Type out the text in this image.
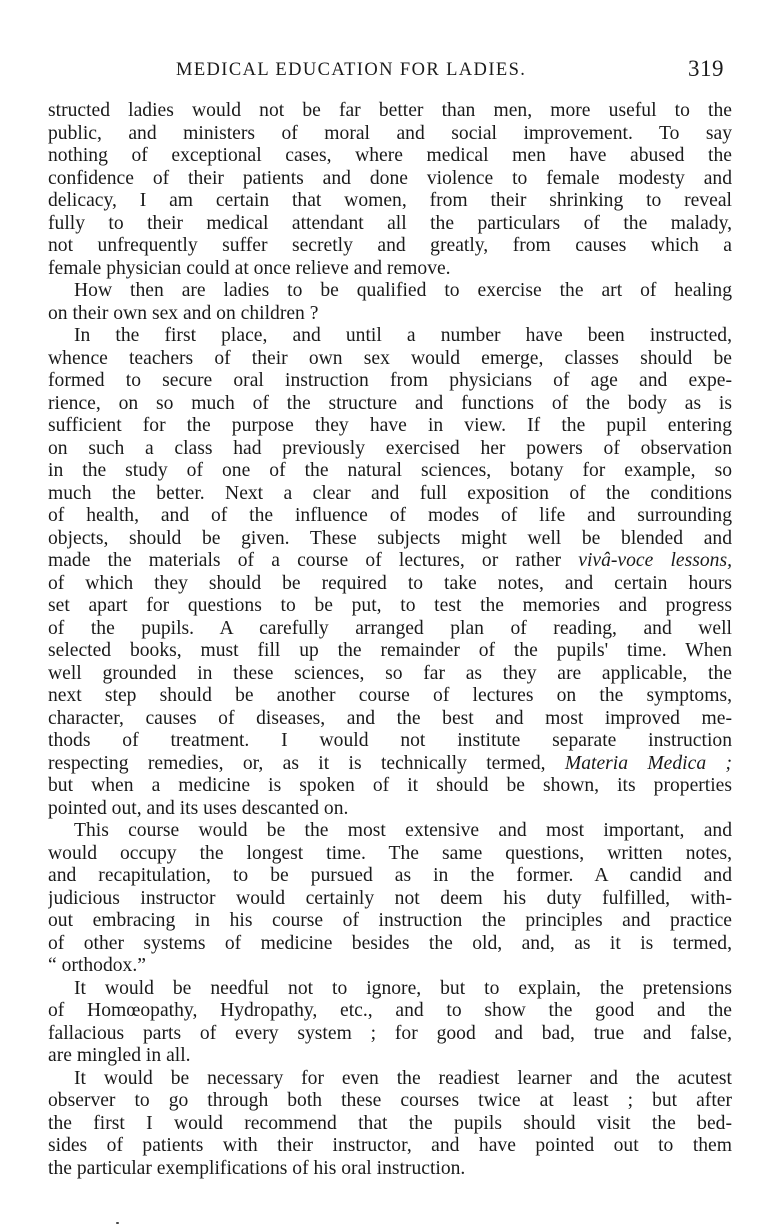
MEDICAL EDUCATION FOR LADIES.	319
structed ladies would not be far better than men, more useful to the
public, and ministers of moral and social improvement. To say
nothing of exceptional cases, where medical men have abused the
confidence of their patients and done violence to female modesty and
delicacy, I am certain that women, from their shrinking to reveal
fully to their medical attendant all the particulars of the malady,
not unfrequently suffer secretly and greatly, from causes which a
female physician could at once relieve and remove.
How then are ladies to be qualified to exercise the art of healing
on their own sex and on children ?
In the first place, and until a number have been instructed,
whence teachers of their own sex would emerge, classes should be
formed to secure oral instruction from physicians of age and expe-
rience, on so much of the structure and functions of the body as is
sufficient for the purpose they have in view. If the pupil entering
on such a class had previously exercised her powers of observation
in the study of one of the natural sciences, botany for example, so
much the better. Next a clear and full exposition of the conditions
of health, and of the influence of modes of life and surrounding
objects, should be given. These subjects might well be blended and
made the materials of a course of lectures, or rather vivâ-voce lessons,
of which they should be required to take notes, and certain hours
set apart for questions to be put, to test the memories and progress
of the pupils. A carefully arranged plan of reading, and well
selected books, must fill up the remainder of the pupils' time. When
well grounded in these sciences, so far as they are applicable, the
next step should be another course of lectures on the symptoms,
character, causes of diseases, and the best and most improved me-
thods of treatment. I would not institute separate instruction
respecting remedies, or, as it is technically termed, Materia Medica ;
but when a medicine is spoken of it should be shown, its properties
pointed out, and its uses descanted on.
This course would be the most extensive and most important, and
would occupy the longest time. The same questions, written notes,
and recapitulation, to be pursued as in the former. A candid and
judicious instructor would certainly not deem his duty fulfilled, with-
out embracing in his course of instruction the principles and practice
of other systems of medicine besides the old, and, as it is termed,
“ orthodox.”
It would be needful not to ignore, but to explain, the pretensions
of Homœopathy, Hydropathy, etc., and to show the good and the
fallacious parts of every system ; for good and bad, true and false,
are mingled in all.
It would be necessary for even the readiest learner and the acutest
observer to go through both these courses twice at least ; but after
the first I would recommend that the pupils should visit the bed-
sides of patients with their instructor, and have pointed out to them
the particular exemplifications of his oral instruction.
